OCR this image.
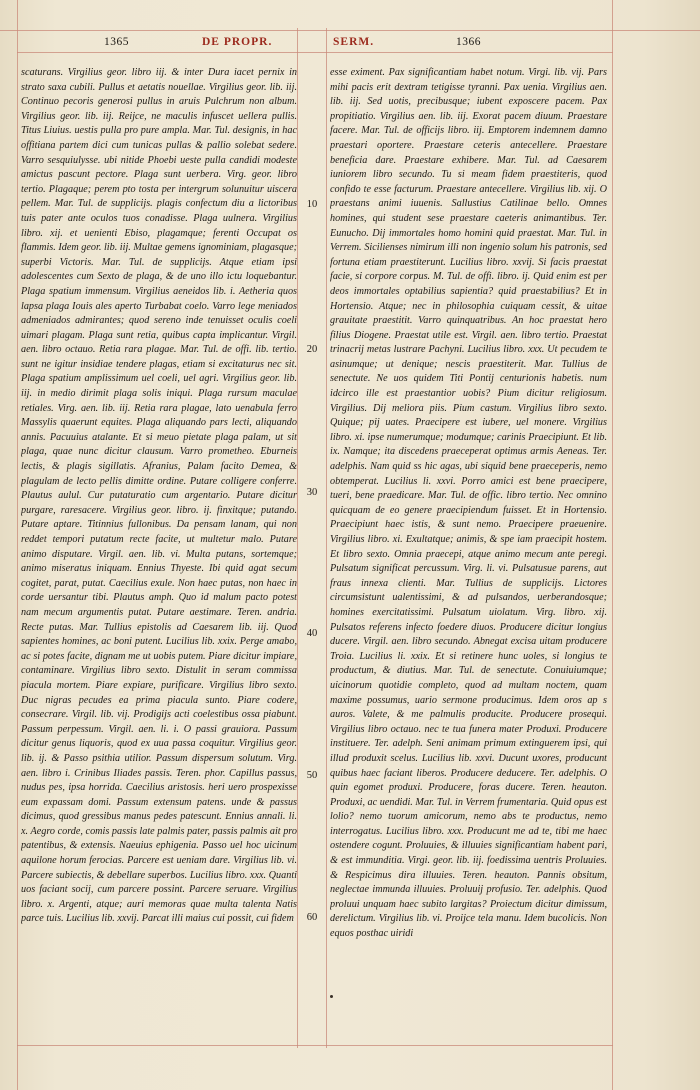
1365	DE PROPR.	SERM.	1366

scaturans. Virgilius geor. libro iij. & inter Dura iacet pernix in strato saxa cubili. Pullus et aetatis nouellae. Virgilius geor. lib. iij. Continuo pecoris generosi pullus in aruis Pulchrum non album. Virgilius geor. lib. iij. Reijce, ne maculis infuscet uellera pullis. Titus Liuius. uestis pulla pro pure ampla. Mar. Tul. designis, in hac offitiana partem dici cum tunicas pullas & pallio solebat sedere. Varro sesquiulysse. ubi nitide Phoebi ueste pulla candidi modeste amictus pascunt pectore. Plaga sunt uerbera. Virg. geor. libro tertio. Plagaque; perem pto tosta per intergrum solunuitur uiscera pellem. Mar. Tul. de supplicijs. plagis confectum diu a lictoribus tuis pater ante oculos tuos conadisse. Plaga uulnera. Virgilius libro. xij. et uenienti Ebiso, plagamque; ferenti Occupat os flammis. Idem geor. lib. iij. Multae gemens ignominiam, plagasque; superbi Victoris. Mar. Tul. de supplicijs. Atque etiam ipsi adolescentes cum Sexto de plaga, & de uno illo ictu loquebantur. Plaga spatium immensum. Virgilius aeneidos lib. i. Aetheria quos lapsa plaga Iouis ales aperto Turbabat coelo. Varro lege meniados admeniados admirantes; quod sereno inde tenuisset oculis coeli uimari plagam. Plaga sunt retia, quibus capta implicantur. Virgil. aen. libro octauo. Retia rara plagae. Mar. Tul. de offi. lib. tertio. sunt ne igitur insidiae tendere plagas, etiam si excitaturus nec sit. Plaga spatium amplissimum uel coeli, uel agri. Virgilius geor. lib. iij. in medio dirimit plaga solis iniqui. Plaga rursum maculae retiales. Virg. aen. lib. iij. Retia rara plagae, lato uenabula ferro Massylis quaerunt equites. Plaga aliquando pars lecti, aliquando annis. Pacuuius atalante. Et si meuo pietate plaga palam, ut sit plaga, quae nunc dicitur clausum. Varro prometheo. Eburneis lectis, & plagis sigillatis. Afranius, Palam facito Demea, & plagulam de lecto pellis dimitte ordine. Putare colligere conferre. Plautus aulul. Cur putaturatio cum argentario. Putare dicitur purgare, raresacere. Virgilius geor. libro. ij. finxitque; putando. Putare aptare. Titinnius fullonibus. Da pensam lanam, qui non reddet tempori putatum recte facite, ut multetur malo. Putare animo disputare. Virgil. aen. lib. vi. Multa putans, sortemque; animo miseratus iniquam. Ennius Thyeste. Ibi quid agat secum cogitet, parat, putat. Caecilius exule. Non haec putas, non haec in corde uersantur tibi. Plautus amph. Quo id malum pacto potest nam mecum argumentis putat. Putare aestimare. Teren. andria. Recte putas. Mar. Tullius epistolis ad Caesarem lib. iij. Quod sapientes homines, ac boni putent. Lucilius lib. xxix. Perge amabo, ac si potes facite, dignam me ut uobis putem. Piare dicitur impiare, contaminare. Virgilius libro sexto. Distulit in seram commissa piacula mortem. Piare expiare, purificare. Virgilius libro sexto. Duc nigras pecudes ea prima piacula sunto. Piare codere, consecrare. Virgil. lib. vij. Prodigijs acti coelestibus ossa piabunt. Passum perpessum. Virgil. aen. li. i. O passi grauiora. Passum dicitur genus liquoris, quod ex uua passa coquitur. Virgilius geor. lib. ij. & Passo psithia utilior. Passum dispersum solutum. Virg. aen. libro i. Crinibus Iliades passis. Teren. phor. Capillus passus, nudus pes, ipsa horrida. Caecilius aristosis. heri uero prospexisse eum expassam domi. Passum extensum patens. unde & passus dicimus, quod gressibus manus pedes patescunt. Ennius annali. li. x. Aegro corde, comis passis late palmis pater, passis palmis ait pro patentibus, & extensis. Naeuius ephigenia. Passo uel hoc uicinum aquilone horum ferocias. Parcere est ueniam dare. Virgilius lib. vi. Parcere subiectis, & debellare superbos. Lucilius libro. xxx. Quanti uos faciant socij, cum parcere possint. Parcere seruare. Virgilius libro. x. Argenti, atque; auri memoras quae multa talenta Natis parce tuis. Lucilius lib. xxvij. Parcat illi maius cui possit, cui fidem

10
20
30
40
50
60

esse eximent. Pax significantiam habet notum. Virgi. lib. vij. Pars mihi pacis erit dextram tetigisse tyranni. Pax uenia. Virgilius aen. lib. iij. Sed uotis, precibusque; iubent exposcere pacem. Pax propitiatio. Virgilius aen. lib. iij. Exorat pacem diuum. Praestare facere. Mar. Tul. de officijs libro. iij. Emptorem indemnem damno praestari oportere. Praestare ceteris antecellere. Praestare beneficia dare. Praestare exhibere. Mar. Tul. ad Caesarem iuniorem libro secundo. Tu si meam fidem praestiteris, quod confido te esse facturum. Praestare antecellere. Virgilius lib. xij. O praestans animi iuuenis. Sallustius Catilinae bello. Omnes homines, qui student sese praestare caeteris animantibus. Ter. Eunucho. Dij immortales homo homini quid praestat. Mar. Tul. in Verrem. Sicilienses nimirum illi non ingenio solum his patronis, sed fortuna etiam praestiterunt. Lucilius libro. xxvij. Si facis praestat facie, si corpore corpus. M. Tul. de offi. libro. ij. Quid enim est per deos immortales optabilius sapientia? quid praestabilius? Et in Hortensio. Atque; nec in philosophia cuiquam cessit, & uitae grauitate praestitit. Varro quinquatribus. An hoc praestat hero filius Diogene. Praestat utile est. Virgil. aen. libro tertio. Praestat trinacrij metas lustrare Pachyni. Lucilius libro. xxx. Ut pecudem te asinumque; ut denique; nescis praestiterit. Mar. Tullius de senectute. Ne uos quidem Titi Pontij centurionis habetis. num idcirco ille est praestantior uobis? Pium dicitur religiosum. Virgilius. Dij meliora piis. Pium castum. Virgilius libro sexto. Quique; pij uates. Praecipere est iubere, uel monere. Virgilius libro. xi. ipse numerumque; modumque; carinis Praecipiunt. Et lib. ix. Namque; ita discedens praeceperat optimus armis Aeneas. Ter. adelphis. Nam quid ss hic agas, ubi siquid bene praeceperis, nemo obtemperat. Lucilius li. xxvi. Porro amici est bene praecipere, tueri, bene praedicare. Mar. Tul. de offic. libro tertio. Nec omnino quicquam de eo genere praecipiendum fuisset. Et in Hortensio. Praecipiunt haec istis, & sunt nemo. Praecipere praeuenire. Virgilius libro. xi. Exultatque; animis, & spe iam praecipit hostem. Et libro sexto. Omnia praecepi, atque animo mecum ante peregi. Pulsatum significat percussum. Virg. li. vi. Pulsatusue parens, aut fraus innexa clienti. Mar. Tullius de supplicijs. Lictores circumsistunt ualentissimi, & ad pulsandos, uerberandosque; homines exercitatissimi. Pulsatum uiolatum. Virg. libro. xij. Pulsatos referens infecto foedere diuos. Producere dicitur longius ducere. Virgil. aen. libro secundo. Abnegat excisa uitam producere Troia. Lucilius li. xxix. Et si retinere hunc uoles, si longius te productum, & diutius. Mar. Tul. de senectute. Conuiuiumque; uicinorum quotidie completo, quod ad multam noctem, quam maxime possumus, uario sermone producimus. Idem oros ap s auros. Valete, & me palmulis producite. Producere prosequi. Virgilius libro octauo. nec te tua funera mater Produxi. Producere instituere. Ter. adelph. Seni animam primum extinguerem ipsi, qui illud produxit scelus. Lucilius lib. xxvi. Ducunt uxores, producunt quibus haec faciant liberos. Producere deducere. Ter. adelphis. O quin egomet produxi. Producere, foras ducere. Teren. heauton. Produxi, ac uendidi. Mar. Tul. in Verrem frumentaria. Quid opus est lolio? nemo tuorum amicorum, nemo abs te productus, nemo interrogatus. Lucilius libro. xxx. Producunt me ad te, tibi me haec ostendere cogunt. Proluuies, & illuuies significantiam habent pari, & est immunditia. Virgi. geor. lib. iij. foedissima uentris Proluuies. & Respicimus dira illuuies. Teren. heauton. Pannis obsitum, neglectae immunda illuuies. Proluuij profusio. Ter. adelphis. Quod proluui unquam haec subito largitas? Proiectum dicitur dimissum, derelictum. Virgilius lib. vi. Proijce tela manu. Idem bucolicis. Non equos posthac uiridi
